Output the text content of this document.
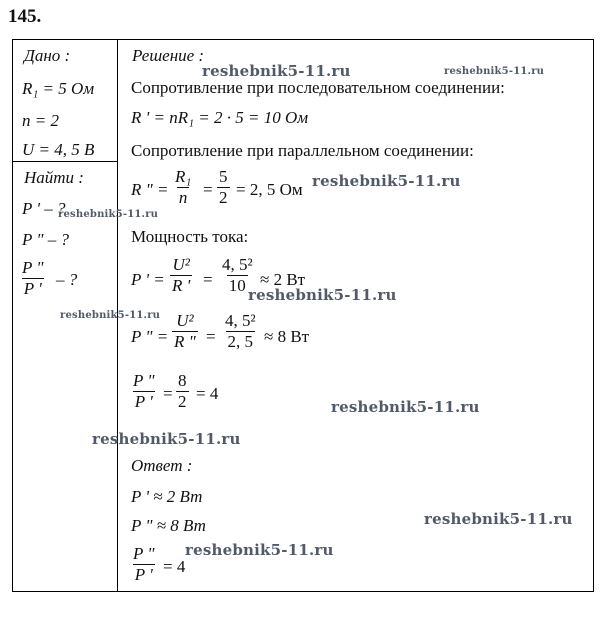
145.
Дано :
R₁ = 5 Ом
n = 2
U = 4, 5 В
Найти :
P ' – ?
P " – ?
$\frac{P "}{P '}$ – ?
Решение :
Сопротивление при последовательном соединении:
R ' = nR₁ = 2 · 5 = 10 Ом
Сопротивление при параллельном соединении:
R " = $\frac{\text{R₁}}{n} = \frac{5}{2} = 2$, 5 Ом
Мощность тока:
P ' = $\frac{\text{U²}}{R '} = \frac{\text{4, 5²}}{10} \approx 2$ Вт
P " = $\frac{\text{U²}}{R "} = \frac{\text{4, 5²}}{2, 5} \approx 8$ Вт
$\frac{P "}{P '} = \frac{8}{2} = 4$
Ответ :
P ' ≈ 2 Вт
P " ≈ 8 Вт
$\frac{P "}{P '} = 4$
reshebnik5-11.ru	reshebnik5-11.ru
reshebnik5-11.ru
reshebnik5-11.ru
reshebnik5-11.ru
reshebnik5-11.ru
reshebnik5-11.ru
reshebnik5-11.ru
reshebnik5-11.ru
reshebnik5-11.ru
